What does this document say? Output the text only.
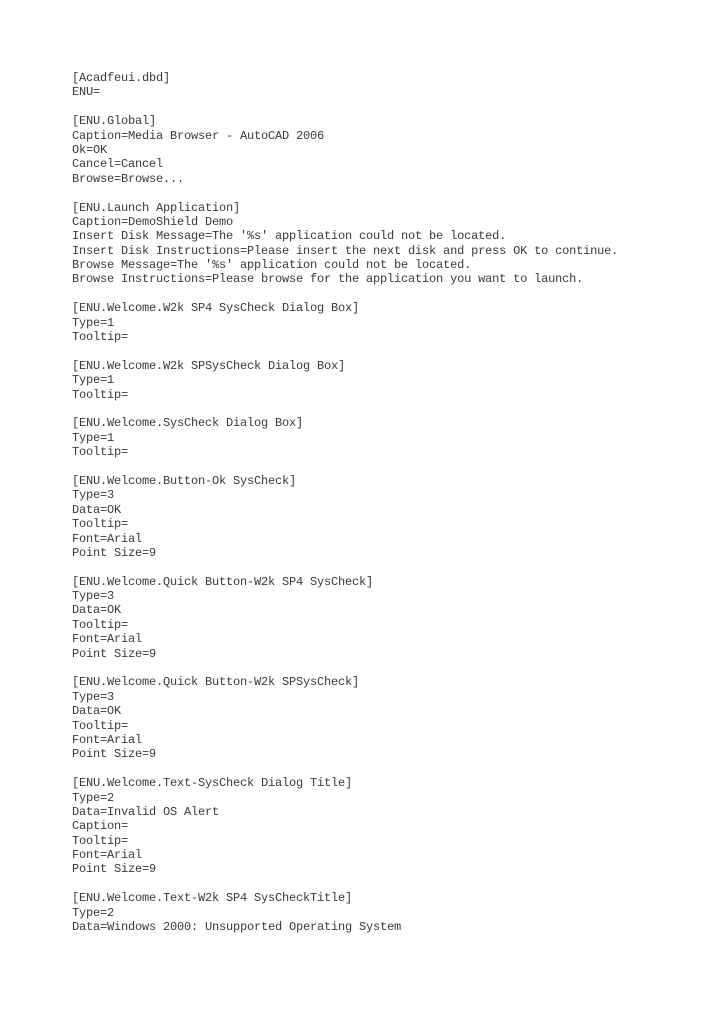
[Acadfeui.dbd]
ENU=
[ENU.Global]
Caption=Media Browser - AutoCAD 2006
Ok=OK
Cancel=Cancel
Browse=Browse...
[ENU.Launch Application]
Caption=DemoShield Demo
Insert Disk Message=The '%s' application could not be located.
Insert Disk Instructions=Please insert the next disk and press OK to continue.
Browse Message=The '%s' application could not be located.
Browse Instructions=Please browse for the application you want to launch.
[ENU.Welcome.W2k SP4 SysCheck Dialog Box]
Type=1
Tooltip=
[ENU.Welcome.W2k SPSysCheck Dialog Box]
Type=1
Tooltip=
[ENU.Welcome.SysCheck Dialog Box]
Type=1
Tooltip=
[ENU.Welcome.Button-Ok SysCheck]
Type=3
Data=OK
Tooltip=
Font=Arial
Point Size=9
[ENU.Welcome.Quick Button-W2k SP4 SysCheck]
Type=3
Data=OK
Tooltip=
Font=Arial
Point Size=9
[ENU.Welcome.Quick Button-W2k SPSysCheck]
Type=3
Data=OK
Tooltip=
Font=Arial
Point Size=9
[ENU.Welcome.Text-SysCheck Dialog Title]
Type=2
Data=Invalid OS Alert
Caption=
Tooltip=
Font=Arial
Point Size=9
[ENU.Welcome.Text-W2k SP4 SysCheckTitle]
Type=2
Data=Windows 2000: Unsupported Operating System
